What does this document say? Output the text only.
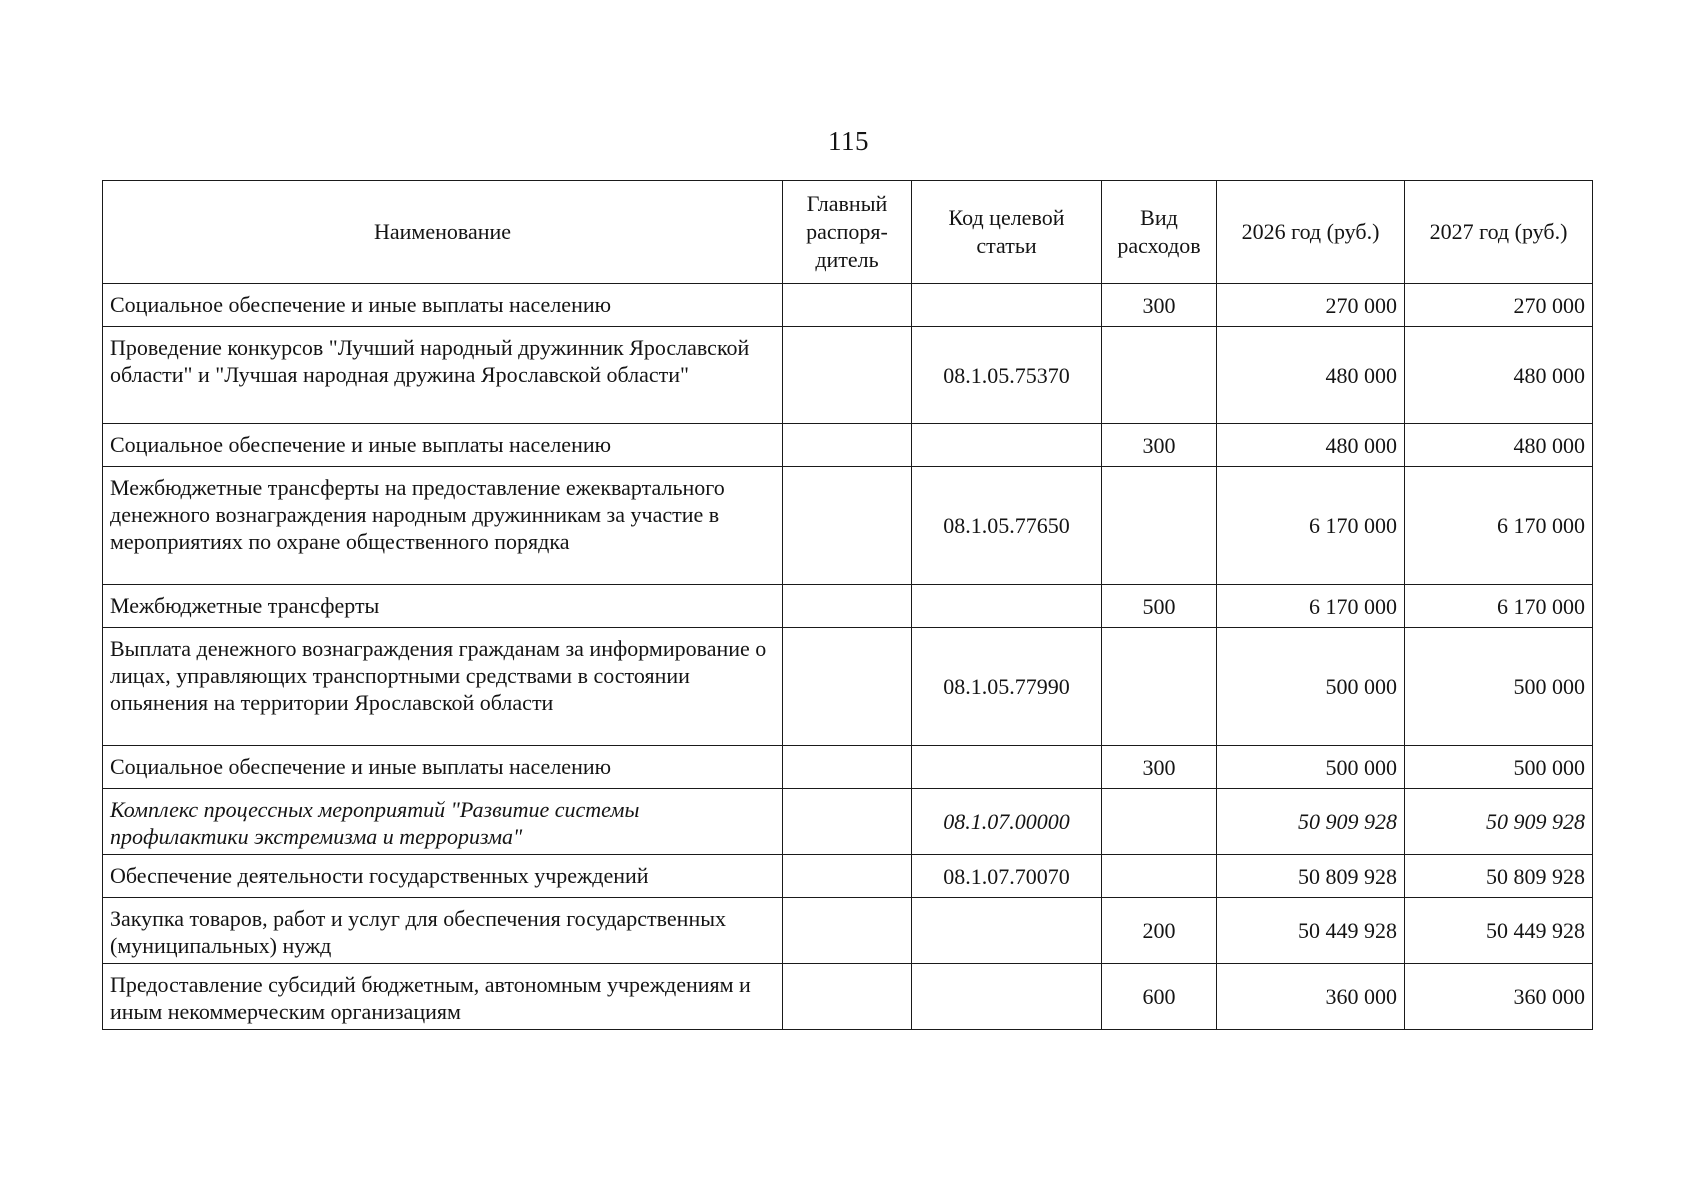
115
Наименование	Главный распоря-дитель	Код целевой статьи	Вид расходов	2026 год (руб.)	2027 год (руб.)
Социальное обеспечение и иные выплаты населению			300	270 000	270 000
Проведение конкурсов "Лучший народный дружинник Ярославской области" и "Лучшая народная дружина Ярославской области"		08.1.05.75370		480 000	480 000
Социальное обеспечение и иные выплаты населению			300	480 000	480 000
Межбюджетные трансферты на предоставление ежеквартального денежного вознаграждения народным дружинникам за участие в мероприятиях по охране общественного порядка		08.1.05.77650		6 170 000	6 170 000
Межбюджетные трансферты			500	6 170 000	6 170 000
Выплата денежного вознаграждения гражданам за информирование о лицах, управляющих транспортными средствами в состоянии опьянения на территории Ярославской области		08.1.05.77990		500 000	500 000
Социальное обеспечение и иные выплаты населению			300	500 000	500 000
Комплекс процессных мероприятий "Развитие системы профилактики экстремизма и терроризма"		08.1.07.00000		50 909 928	50 909 928
Обеспечение деятельности государственных учреждений		08.1.07.70070		50 809 928	50 809 928
Закупка товаров, работ и услуг для обеспечения государственных (муниципальных) нужд			200	50 449 928	50 449 928
Предоставление субсидий бюджетным, автономным учреждениям и иным некоммерческим организациям			600	360 000	360 000
